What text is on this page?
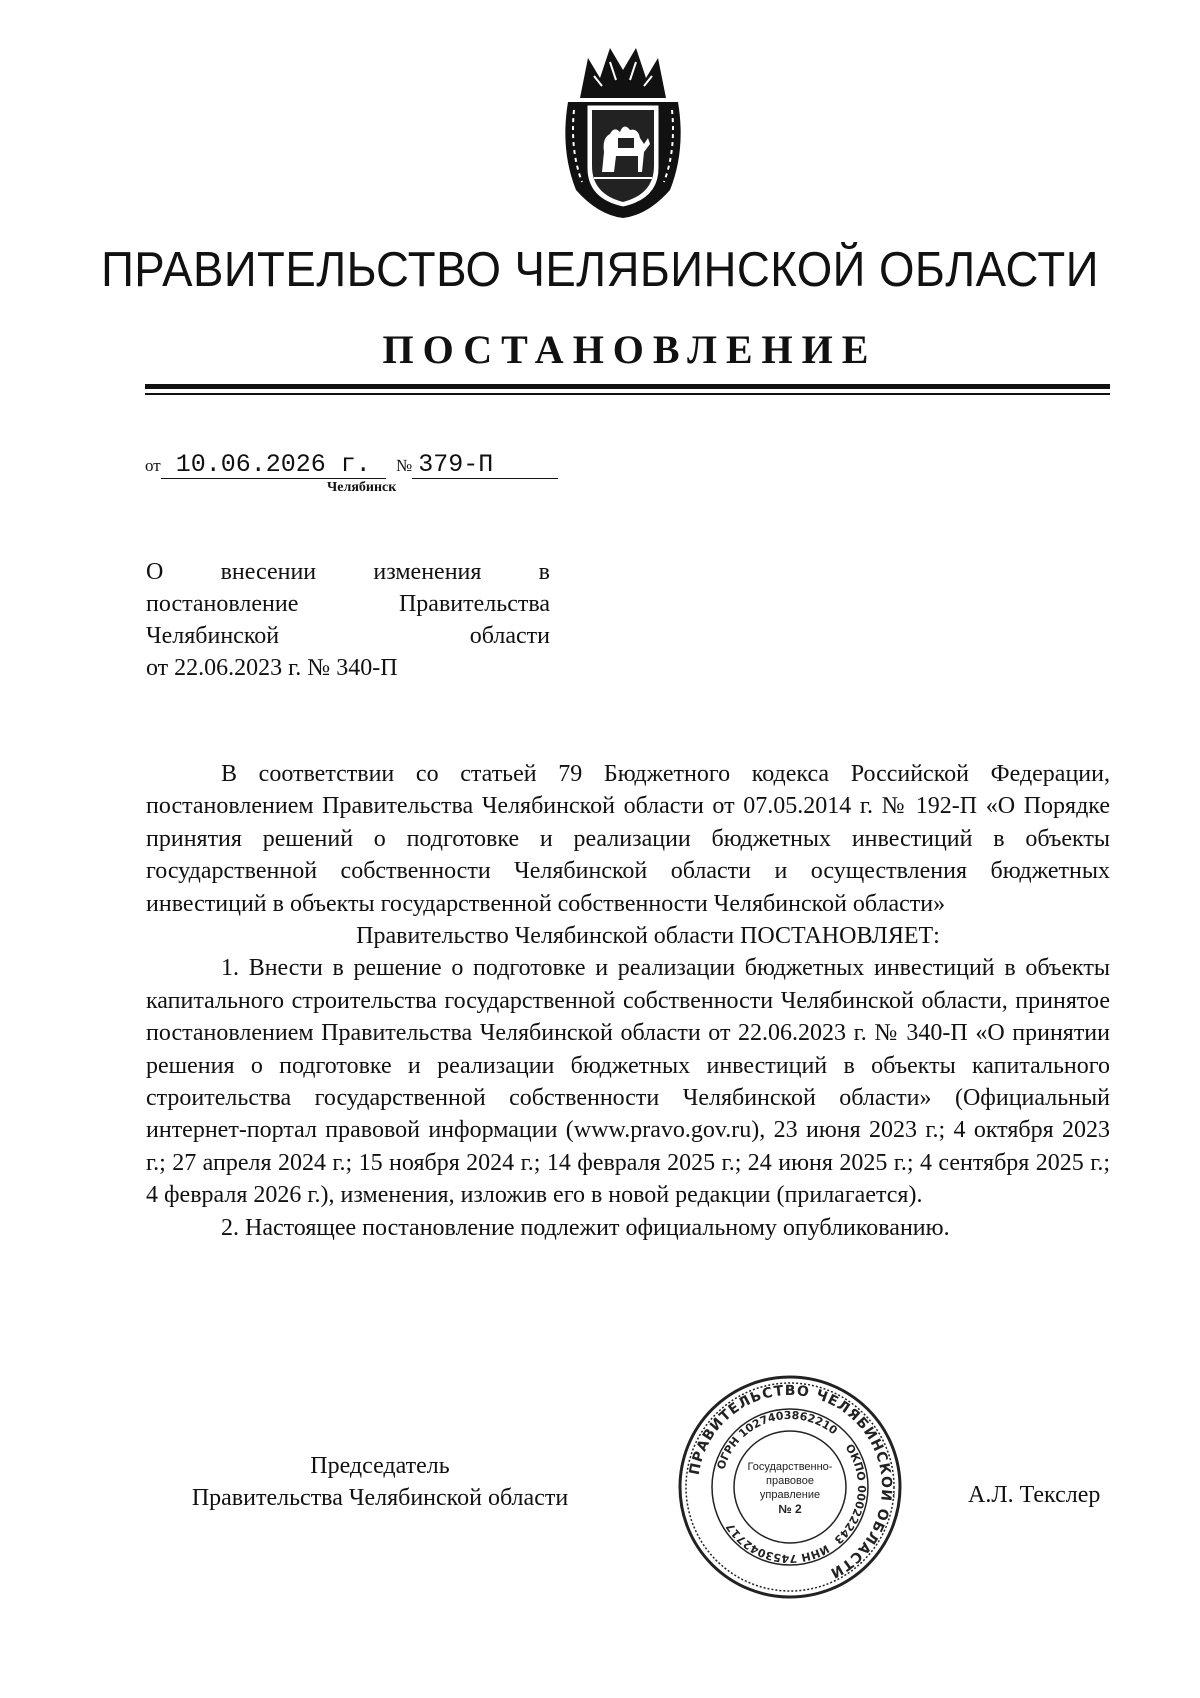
ПРАВИТЕЛЬСТВО ЧЕЛЯБИНСКОЙ ОБЛАСТИ
ПОСТАНОВЛЕНИЕ
от 10.06.2026 г. № 379-П
Челябинск
О внесении изменения в
постановление Правительства
Челябинской области
от 22.06.2023 г. № 340-П

В соответствии со статьей 79 Бюджетного кодекса Российской Федерации, постановлением Правительства Челябинской области от 07.05.2014 г. № 192-П «О Порядке принятия решений о подготовке и реализации бюджетных инвестиций в объекты государственной собственности Челябинской области и осуществления бюджетных инвестиций в объекты государственной собственности Челябинской области»

Правительство Челябинской области ПОСТАНОВЛЯЕТ:

1. Внести в решение о подготовке и реализации бюджетных инвестиций в объекты капитального строительства государственной собственности Челябинской области, принятое постановлением Правительства Челябинской области от 22.06.2023 г. № 340-П «О принятии решения о подготовке и реализации бюджетных инвестиций в объекты капитального строительства государственной собственности Челябинской области» (Официальный интернет-портал правовой информации (www.pravo.gov.ru), 23 июня 2023 г.; 4 октября 2023 г.; 27 апреля 2024 г.; 15 ноября 2024 г.; 14 февраля 2025 г.; 24 июня 2025 г.; 4 сентября 2025 г.; 4 февраля 2026 г.), изменения, изложив его в новой редакции (прилагается).

2. Настоящее постановление подлежит официальному опубликованию.

Председатель
Правительства Челябинской области
ПРАВИТЕЛЬСТВО ЧЕЛЯБИНСКОЙ ОБЛАСТИ
ОГРН 1027403862210
ОКПО 00022243
ИНН 7453042717
Государственно-
правовое
управление
№ 2
А.Л. Текслер
